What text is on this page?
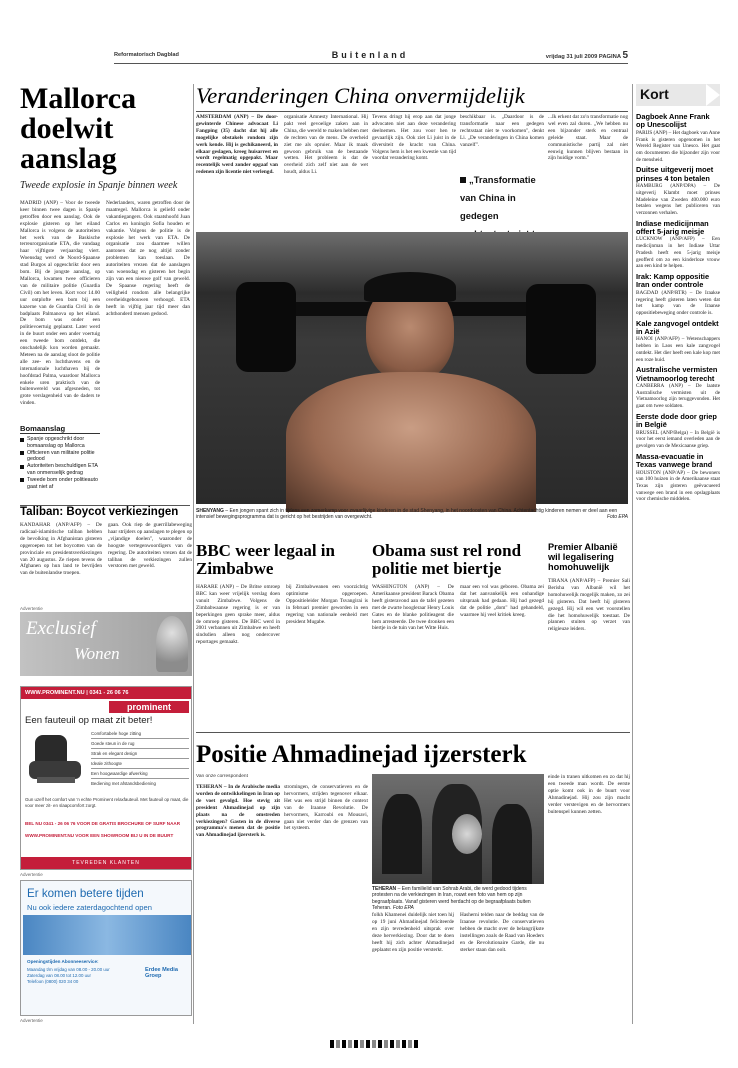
Reformatorisch Dagblad	Buitenland	vrijdag 31 juli 2009 PAGINA 5
Mallorca doelwit aanslag
Tweede explosie in Spanje binnen week

MADRID (ANP) – Voor de tweede keer binnen twee dagen is Spanje getroffen door een aanslag. Ook de explosie gisteren op het eiland Mallorca is volgens de autoriteiten het werk van de Baskische terreurorganisatie ETA, die vandaag haar vijftigste verjaardag viert. Woensdag werd de Noord-Spaanse stad Burgos al opgeschrikt door een bom. Bij de jongste aanslag, op Mallorca, kwamen twee officieren van de militaire politie (Guardia Civil) om het leven. Kort voor 14.00 uur ontplofte een bom bij een kazerne van de Guardia Civil in de badplaats Palmanova op het eiland. De bom was onder een politievoertuig geplaatst. Later werd in de buurt onder een ander voertuig een tweede bom ontdekt, die onschadelijk kon worden gemaakt. Meteen na de aanslag sloot de politie alle zee- en luchthavens en de internationale luchthaven bij de hoofdstad Palma, waardoor Mallorca enkele uren praktisch van de buitenwereld was afgesneden, tot grote verslagenheid van de daders te vinden.

Nederlanders, waren getroffen door de maatregel. Mallorca is geliefd onder vakantiegangers. Ook staatshoofd Juan Carlos en koningin Sofia houden er vakantie. Volgens de politie is de explosie het werk van ETA. De organisatie zou daarmee willen aantonen dat ze nog altijd zonder problemen kan toeslaan. De autoriteiten vrezen dat de aanslagen van woensdag en gisteren het begin zijn van een nieuwe golf van geweld. De Spaanse regering heeft de veiligheid rondom alle belangrijke overheidsgebouwen verhoogd. ETA heeft in vijftig jaar tijd meer dan achthonderd mensen gedood.

Bomaanslag
Spanje opgeschrikt door bomaanslag op Mallorca
Officieren van militaire politie gedood
Autoriteiten beschuldigen ETA van onmenselijk gedrag
Tweede bom onder politieauto gaat niet af
Veranderingen China onvermijdelijk

AMSTERDAM (ANP) – De door-gewinterde Chinese advocaat Li Fangping (35) dacht dat hij alle mogelijke obstakels rondom zijn werk kende. Hij is gechikaneerd, in elkaar geslagen, kreeg huisarrest en wordt regelmatig opgepakt. Maar recentelijk werd zonder opgaaf van redenen zijn licentie niet verlengd.

organisatie Amnesty International. Hij pakt veel gevoelige zaken aan in China, die wereld te maken hebben met de rechten van de mens. De overheid ziet me als opruier. Maar ik maak gewoon gebruik van de bestaande wetten. Het probleem is dat de overheid zich zelf niet aan de wet houdt, aldus Li.

Tevens dringt hij erop aan dat jonge advocaten niet aan deze verandering deelnemen. Het zou voor hen te gevaarlijk zijn. Ook ziet Li juist in de diversiteit de kracht van China. Volgens hem is het een kwestie van tijd voordat verandering komt.

beschikbaar is. „Daardoor is de transformatie naar een gedegen rechtsstaat niet te voorkomen", denkt Li. „De veranderingen in China komen vanzelf".

„Transformatie van China in gedegen

...Ik erkent dat zo'n transformatie nog wel even zal duren. „We hebben nu een bijzonder sterk en centraal geleide staat. Maar de communistische partij zal niet eeuwig kunnen blijven bestaan in zijn huidige vorm."

SHENYANG – Een jongen spant zich in tijdens een zomerkamp voor zwaarlijvige kinderen in de stad Shenyang, in het noordoosten van China. Achtentachtig kinderen nemen er deel aan een intensief bewegingsprogramma dat is gericht op het bestrijden van overgewicht.	Foto EPA
Taliban: Boycot verkiezingen

KANDAHAR (ANP/AFP) – De radicaal-islamitische taliban hebben de bevolking in Afghanistan gisteren opgeroepen tot het boycotten van de provinciale en presidentsverkiezingen van 20 augustus. Ze riepen tevens de Afghanen op hun land te bevrijden van de buitenlandse troepen.

gaan. Ook riep de guerrillabeweging haar strijders op aanslagen te plegen op „vijandige doelen", waaronder de hoogste vertegenwoordigers van de regering. De autoriteiten vrezen dat de taliban de verkiezingen zullen verstoren met geweld.

Advertentie
Exclusief
Wonen
WWW.PROMINENT.NU | 0341 - 26 06 76
prominent
Een fauteuil op maat zit beter!
Comfortabele hoge zitting
Goede steun in de rug
Strak en elegant design
Ideale zithoogte
Een hoogwaardige afwerking
Bediening met afstandsbediening
Gun uzelf het comfort van 'n echte Prominent relaxfauteuil. Met fauteuil op maat, die voor meer zit- en slaapcomfort zorgt.
BEL NU 0341 - 26 06 76 VOOR DE GRATIS BROCHURE OF SURF NAAR
WWW.PROMINENT.NU VOOR EEN SHOWROOM BIJ U IN DE BUURT
TEVREDEN KLANTEN
Advertentie
Er komen betere tijden
Nu ook iedere zaterdagochtend open
Openingstijden Abonneeservice:
Maandag t/m vrijdag van 08.00 - 20.00 uur
Zaterdag van 08.00 tot 12.00 uur
Telefoon (0800) 020 34 00
Erdee Media Groep
Advertentie
BBC weer legaal in Zimbabwe

HARARE (ANP) – De Britse omroep BBC kan weer vrijelijk verslag doen vanuit Zimbabwe. Volgens de Zimbabwaanse regering is er van beperkingen geen sprake meer, aldus de omroep gisteren. De BBC werd in 2001 verbannen uit Zimbabwe en heeft sindsdien alleen nog ondercover reportages gemaakt.

bij Zimbabweanen een voorzichtig optimisme opgeroepen. Oppositieleider Morgan Tsvangirai is in februari premier geworden in een regering van nationale eenheid met president Mugabe.

Obama sust rel rond politie met biertje

WASHINGTON (ANP) – De Amerikaanse president Barack Obama heeft gisteravond aan de tafel gezeten met de zwarte hoogleraar Henry Louis Gates en de blanke politieagent die hem arresteerde. De twee dronken een biertje in de tuin van het Witte Huis.

maar een vol was geboren. Obama zei dat het aanvankelijk een onhandige uitspraak had gedaan. Hij had gezegd dat de politie „dom" had gehandeld, waarmee hij veel kritiek kreeg.

Premier Albanië wil legalisering homohuwelijk

TIRANA (ANP/AFP) – Premier Sali Berisha van Albanië wil het homohuwelijk mogelijk maken, zo zei hij gisteren. Dat heeft hij gisteren gezegd. Hij wil een wet voorstellen die het homohuwelijk toestaat. De plannen stuiten op verzet van religieuze leiders.

Positie Ahmadinejad ijzersterk
Van onze correspondent

TEHERAN – In de Arabische media worden de ontwikkelingen in Iran op de voet gevolgd. Hoe stevig zit president Ahmadinejad op zijn plaats na de omstreden verkiezingen? Gasten in de diverse programma's menen dat de positie van Ahmadinejad ijzersterk is.

stromingen, de conservatieven en de hervormers, strijden tegenover elkaar. Het was een strijd binnen de context van de Iraanse Revolutie. De hervormers, Karroubi en Mousavi, gaan niet verder dan de grenzen van het systeem.

TEHERAN – Een familielid van Sohrab Arabi, die werd gedood tijdens protesten na de verkiezingen in Iran, rouwt een foto van hem op zijn begraafplaats. Vanaf gisteren werd herdacht op de begraafplaats buiten Teheran. Foto EPA

folkh Khamenei duidelijk niet toen hij op 19 juni Ahmadinejad feliciteerde en zijn tevredenheid uitsprak over deze herverkiezing. Door dat te doen heeft hij zich achter Ahmadinejad geplaatst en zijn positie versterkt.

Hasherni telden naar de beddag van de Iraanse revolutie. De conservatieven hebben de macht over de belangrijkste instellingen zoals de Raad van Hoeders en de Revolutionaire Garde, die nu sterker staan dan ooit.

einde in tranen uitkomen en zo dat hij een tweede man wordt. De eerste optie komt ook in de buurt voor Ahmadinejad. Hij zou zijn macht verder verstevigen en de hervormers buitenspel kunnen zetten.

Kort
Dagboek Anne Frank op Unescolijst
PARIJS (ANP) – Het dagboek van Anne Frank is gisteren opgenomen in het Wereld Register van Unesco. Het gaat om documenten die bijzonder zijn voor de mensheid.
Duitse uitgeverij moet prinses 4 ton betalen
HAMBURG (ANP/DPA) – De uitgeverij Klambt moet prinses Madeleine van Zweden 400.000 euro betalen wegens het publiceren van verzonnen verhalen.
Indiase medicijnman offert 5-jarig meisje
LUCKNOW (ANP/AFP) – Een medicijnman in het Indiase Uttar Pradesh heeft een 5-jarig meisje geofferd om zo een kinderloze vrouw aan een kind te helpen.
Irak: Kamp oppositie Iran onder controle
BAGDAD (ANP/RTR) – De Iraakse regering heeft gisteren laten weten dat het kamp van de Iraanse oppositiebeweging onder controle is.
Kale zangvogel ontdekt in Azië
HANOI (ANP/AFP) – Wetenschappers hebben in Laos een kale zangvogel ontdekt. Het dier heeft een kale kop met een roze huid.
Australische vermisten Vietnamoorlog terecht
CANBERRA (ANP) – De laatste Australische vermisten uit de Vietnamoorlog zijn teruggevonden. Het gaat om twee soldaten.
Eerste dode door griep in België
BRUSSEL (ANP/Belga) – In België is voor het eerst iemand overleden aan de gevolgen van de Mexicaanse griep.
Massa-evacuatie in Texas vanwege brand
HOUSTON (ANP/AP) – De bewoners van 100 huizen in de Amerikaanse staat Texas zijn gisteren geëvacueerd vanwege een brand in een opslagplaats voor chemische middelen.
